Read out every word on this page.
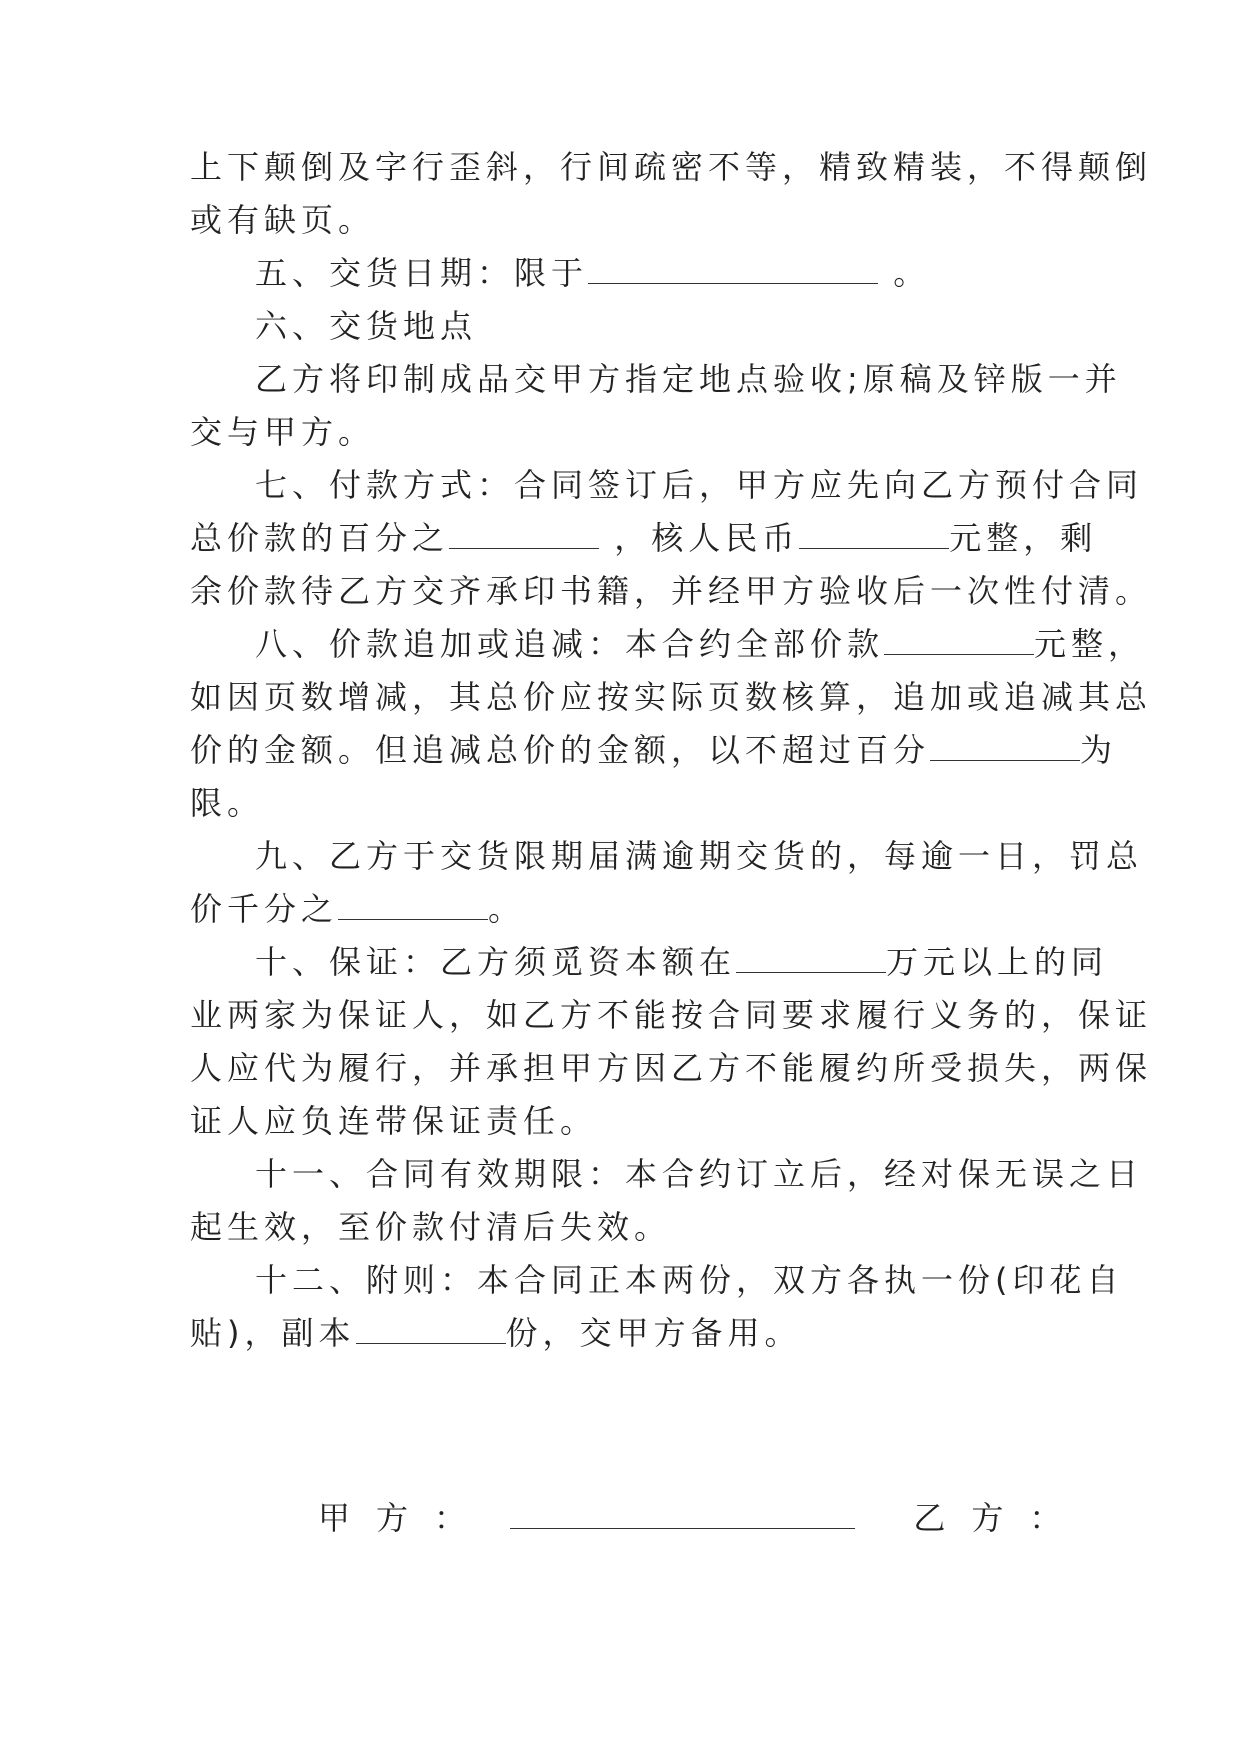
上下颠倒及字行歪斜，行间疏密不等，精致精装，不得颠倒
或有缺页。
五、交货日期：限于	。
六、交货地点
乙方将印制成品交甲方指定地点验收;原稿及锌版一并
交与甲方。
七、付款方式：合同签订后，甲方应先向乙方预付合同
总价款的百分之	，核人民币	元整，剩
余价款待乙方交齐承印书籍，并经甲方验收后一次性付清。
八、价款追加或追减：本合约全部价款	元整，
如因页数增减，其总价应按实际页数核算，追加或追减其总
价的金额。但追减总价的金额，以不超过百分	为
限。
九、乙方于交货限期届满逾期交货的，每逾一日，罚总
价千分之	。
十、保证：乙方须觅资本额在	万元以上的同
业两家为保证人，如乙方不能按合同要求履行义务的，保证
人应代为履行，并承担甲方因乙方不能履约所受损失，两保
证人应负连带保证责任。
十一、合同有效期限：本合约订立后，经对保无误之日
起生效，至价款付清后失效。
十二、附则：本合同正本两份，双方各执一份(印花自
贴)，副本	份，交甲方备用。
甲方：	乙方：
